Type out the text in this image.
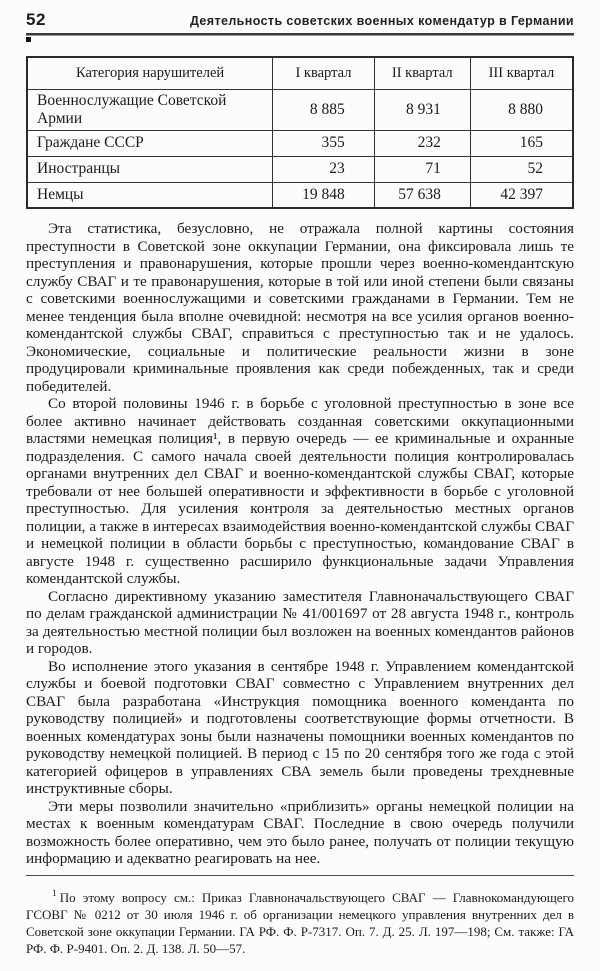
52	Деятельность советских военных комендатур в Германии
Категория нарушителей	I квартал	II квартал	III квартал
Военнослужащие Советской Армии	8 885	8 931	8 880
Граждане СССР	355	232	165
Иностранцы	23	71	52
Немцы	19 848	57 638	42 397

Эта статистика, безусловно, не отражала полной картины состояния преступности в Советской зоне оккупации Германии, она фиксировала лишь те преступления и правонарушения, которые прошли через военно-комендантскую службу СВАГ и те правонарушения, которые в той или иной степени были связаны с советскими военнослужащими и советскими гражданами в Германии. Тем не менее тенденция была вполне очевидной: несмотря на все усилия органов военно-комендантской службы СВАГ, справиться с преступностью так и не удалось. Экономические, социальные и политические реальности жизни в зоне продуцировали криминальные проявления как среди побежденных, так и среди победителей.

Со второй половины 1946 г. в борьбе с уголовной преступностью в зоне все более активно начинает действовать созданная советскими оккупационными властями немецкая полиция¹, в первую очередь — ее криминальные и охранные подразделения. С самого начала своей деятельности полиция контролировалась органами внутренних дел СВАГ и военно-комендантской службы СВАГ, которые требовали от нее большей оперативности и эффективности в борьбе с уголовной преступностью. Для усиления контроля за деятельностью местных органов полиции, а также в интересах взаимодействия военно-комендантской службы СВАГ и немецкой полиции в области борьбы с преступностью, командование СВАГ в августе 1948 г. существенно расширило функциональные задачи Управления комендантской службы.

Согласно директивному указанию заместителя Главноначальствующего СВАГ по делам гражданской администрации № 41/001697 от 28 августа 1948 г., контроль за деятельностью местной полиции был возложен на военных комендантов районов и городов.

Во исполнение этого указания в сентябре 1948 г. Управлением комендантской службы и боевой подготовки СВАГ совместно с Управлением внутренних дел СВАГ была разработана «Инструкция помощника военного коменданта по руководству полицией» и подготовлены соответствующие формы отчетности. В военных комендатурах зоны были назначены помощники военных комендантов по руководству немецкой полицией. В период с 15 по 20 сентября того же года с этой категорией офицеров в управлениях СВА земель были проведены трехдневные инструктивные сборы.

Эти меры позволили значительно «приблизить» органы немецкой полиции на местах к военным комендатурам СВАГ. Последние в свою очередь получили возможность более оперативно, чем это было ранее, получать от полиции текущую информацию и адекватно реагировать на нее.

$^1$ По этому вопросу см.: Приказ Главноначальствующего СВАГ — Главнокомандующего ГСОВГ № 0212 от 30 июля 1946 г. об организации немецкого управления внутренних дел в Советской зоне оккупации Германии. ГА РФ. Ф. Р-7317. Оп. 7. Д. 25. Л. 197—198; См. также: ГА РФ. Ф. Р-9401. Оп. 2. Д. 138. Л. 50—57.
